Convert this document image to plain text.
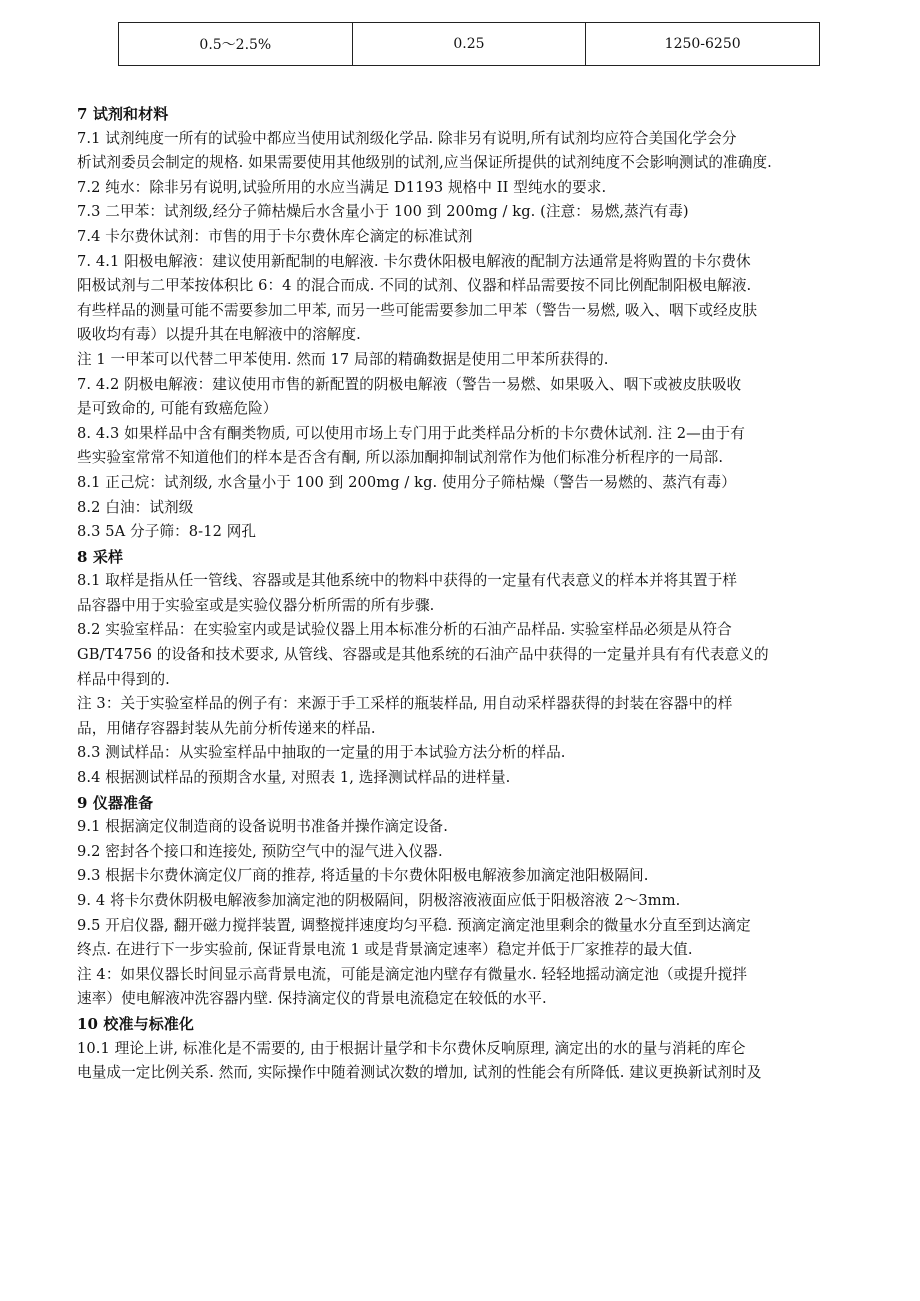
0.5～2.5%	0.25	1250-6250
7 试剂和材料
7.1 试剂纯度一所有的试验中都应当使用试剂级化学品. 除非另有说明,所有试剂均应符合美国化学会分
析试剂委员会制定的规格. 如果需要使用其他级别的试剂,应当保证所提供的试剂纯度不会影响测试的准确度.
7.2 纯水：除非另有说明,试验所用的水应当满足 D1193 规格中 II 型纯水的要求.
7.3 二甲苯：试剂级,经分子筛枯燥后水含量小于 100 到 200mg / kg. (注意：易燃,蒸汽有毒)
7.4 卡尔费休试剂：市售的用于卡尔费休库仑滴定的标准试剂
7. 4.1 阳极电解液：建议使用新配制的电解液. 卡尔费休阳极电解液的配制方法通常是将购置的卡尔费休
阳极试剂与二甲苯按体积比 6：4 的混合而成. 不同的试剂、仪器和样品需要按不同比例配制阳极电解液.
有些样品的测量可能不需要参加二甲苯, 而另一些可能需要参加二甲苯（警告一易燃, 吸入、咽下或经皮肤
吸收均有毒）以提升其在电解液中的溶解度.
注 1 一甲苯可以代替二甲苯使用. 然而 17 局部的精确数据是使用二甲苯所获得的.
7. 4.2 阴极电解液：建议使用市售的新配置的阴极电解液（警告一易燃、如果吸入、咽下或被皮肤吸收
是可致命的, 可能有致癌危险）
8. 4.3 如果样品中含有酮类物质, 可以使用市场上专门用于此类样品分析的卡尔费休试剂. 注 2—由于有
些实验室常常不知道他们的样本是否含有酮, 所以添加酮抑制试剂常作为他们标准分析程序的一局部.
8.1 正己烷：试剂级, 水含量小于 100 到 200mg / kg. 使用分子筛枯燥（警告一易燃的、蒸汽有毒）
8.2 白油：试剂级
8.3 5A 分子筛：8-12 网孔
8 采样
8.1 取样是指从任一管线、容器或是其他系统中的物料中获得的一定量有代表意义的样本并将其置于样
品容器中用于实验室或是实验仪器分析所需的所有步骤.
8.2 实验室样品：在实验室内或是试验仪器上用本标准分析的石油产品样品. 实验室样品必须是从符合
GB/T4756 的设备和技术要求, 从管线、容器或是其他系统的石油产品中获得的一定量并具有有代表意义的
样品中得到的.
注 3：关于实验室样品的例子有：来源于手工采样的瓶装样品, 用自动采样器获得的封装在容器中的样
品，用储存容器封装从先前分析传递来的样品.
8.3 测试样品：从实验室样品中抽取的一定量的用于本试验方法分析的样品.
8.4 根据测试样品的预期含水量, 对照表 1, 选择测试样品的进样量.
9 仪器准备
9.1 根据滴定仪制造商的设备说明书准备并操作滴定设备.
9.2 密封各个接口和连接处, 预防空气中的湿气进入仪器.
9.3 根据卡尔费休滴定仪厂商的推荐, 将适量的卡尔费休阳极电解液参加滴定池阳极隔间.
9. 4 将卡尔费休阴极电解液参加滴定池的阴极隔间，阴极溶液液面应低于阳极溶液 2～3mm.
9.5 开启仪器, 翻开磁力搅拌装置, 调整搅拌速度均匀平稳. 预滴定滴定池里剩余的微量水分直至到达滴定
终点. 在进行下一步实验前, 保证背景电流 1 或是背景滴定速率）稳定并低于厂家推荐的最大值.
注 4：如果仪器长时间显示高背景电流，可能是滴定池内壁存有微量水. 轻轻地摇动滴定池（或提升搅拌
速率）使电解液冲洗容器内壁. 保持滴定仪的背景电流稳定在较低的水平.
10 校准与标准化
10.1 理论上讲, 标准化是不需要的, 由于根据计量学和卡尔费休反响原理, 滴定出的水的量与消耗的库仑
电量成一定比例关系. 然而, 实际操作中随着测试次数的增加, 试剂的性能会有所降低. 建议更换新试剂时及
